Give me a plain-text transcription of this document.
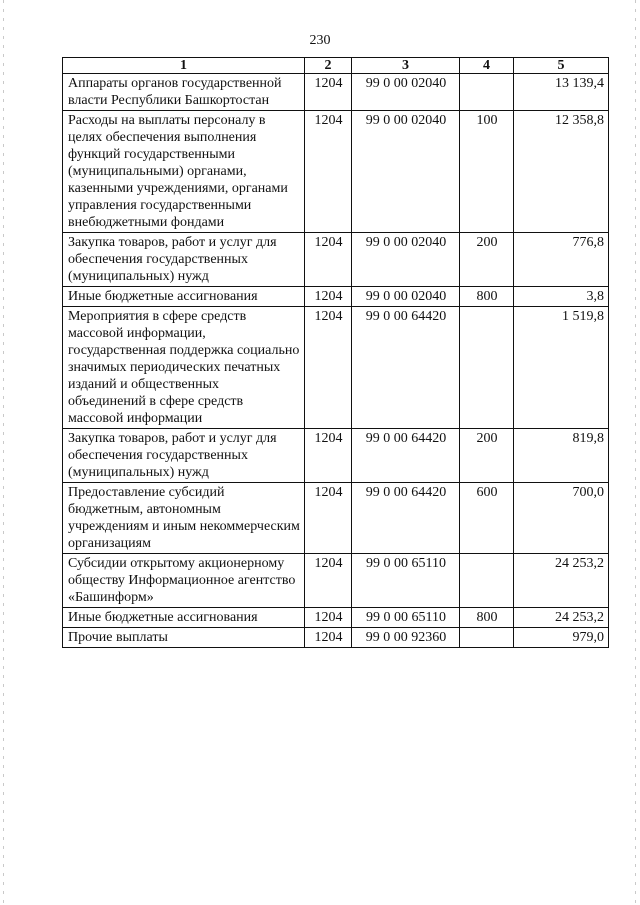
230
1	2	3	4	5
Аппараты органов государственной власти Республики Башкортостан	1204	99 0 00 02040		13 139,4
Расходы на выплаты персоналу в целях обеспечения выполнения функций государственными (муниципальными) органами, казенными учреждениями, органами управления государственными внебюджетными фондами	1204	99 0 00 02040	100	12 358,8
Закупка товаров, работ и услуг для обеспечения государственных (муниципальных) нужд	1204	99 0 00 02040	200	776,8
Иные бюджетные ассигнования	1204	99 0 00 02040	800	3,8
Мероприятия в сфере средств массовой информации, государственная поддержка социально значимых периодических печатных изданий и общественных объединений в сфере средств массовой информации	1204	99 0 00 64420		1 519,8
Закупка товаров, работ и услуг для обеспечения государственных (муниципальных) нужд	1204	99 0 00 64420	200	819,8
Предоставление субсидий бюджетным, автономным учреждениям и иным некоммерческим организациям	1204	99 0 00 64420	600	700,0
Субсидии открытому акционерному обществу Информационное агентство «Башинформ»	1204	99 0 00 65110		24 253,2
Иные бюджетные ассигнования	1204	99 0 00 65110	800	24 253,2
Прочие выплаты	1204	99 0 00 92360		979,0
